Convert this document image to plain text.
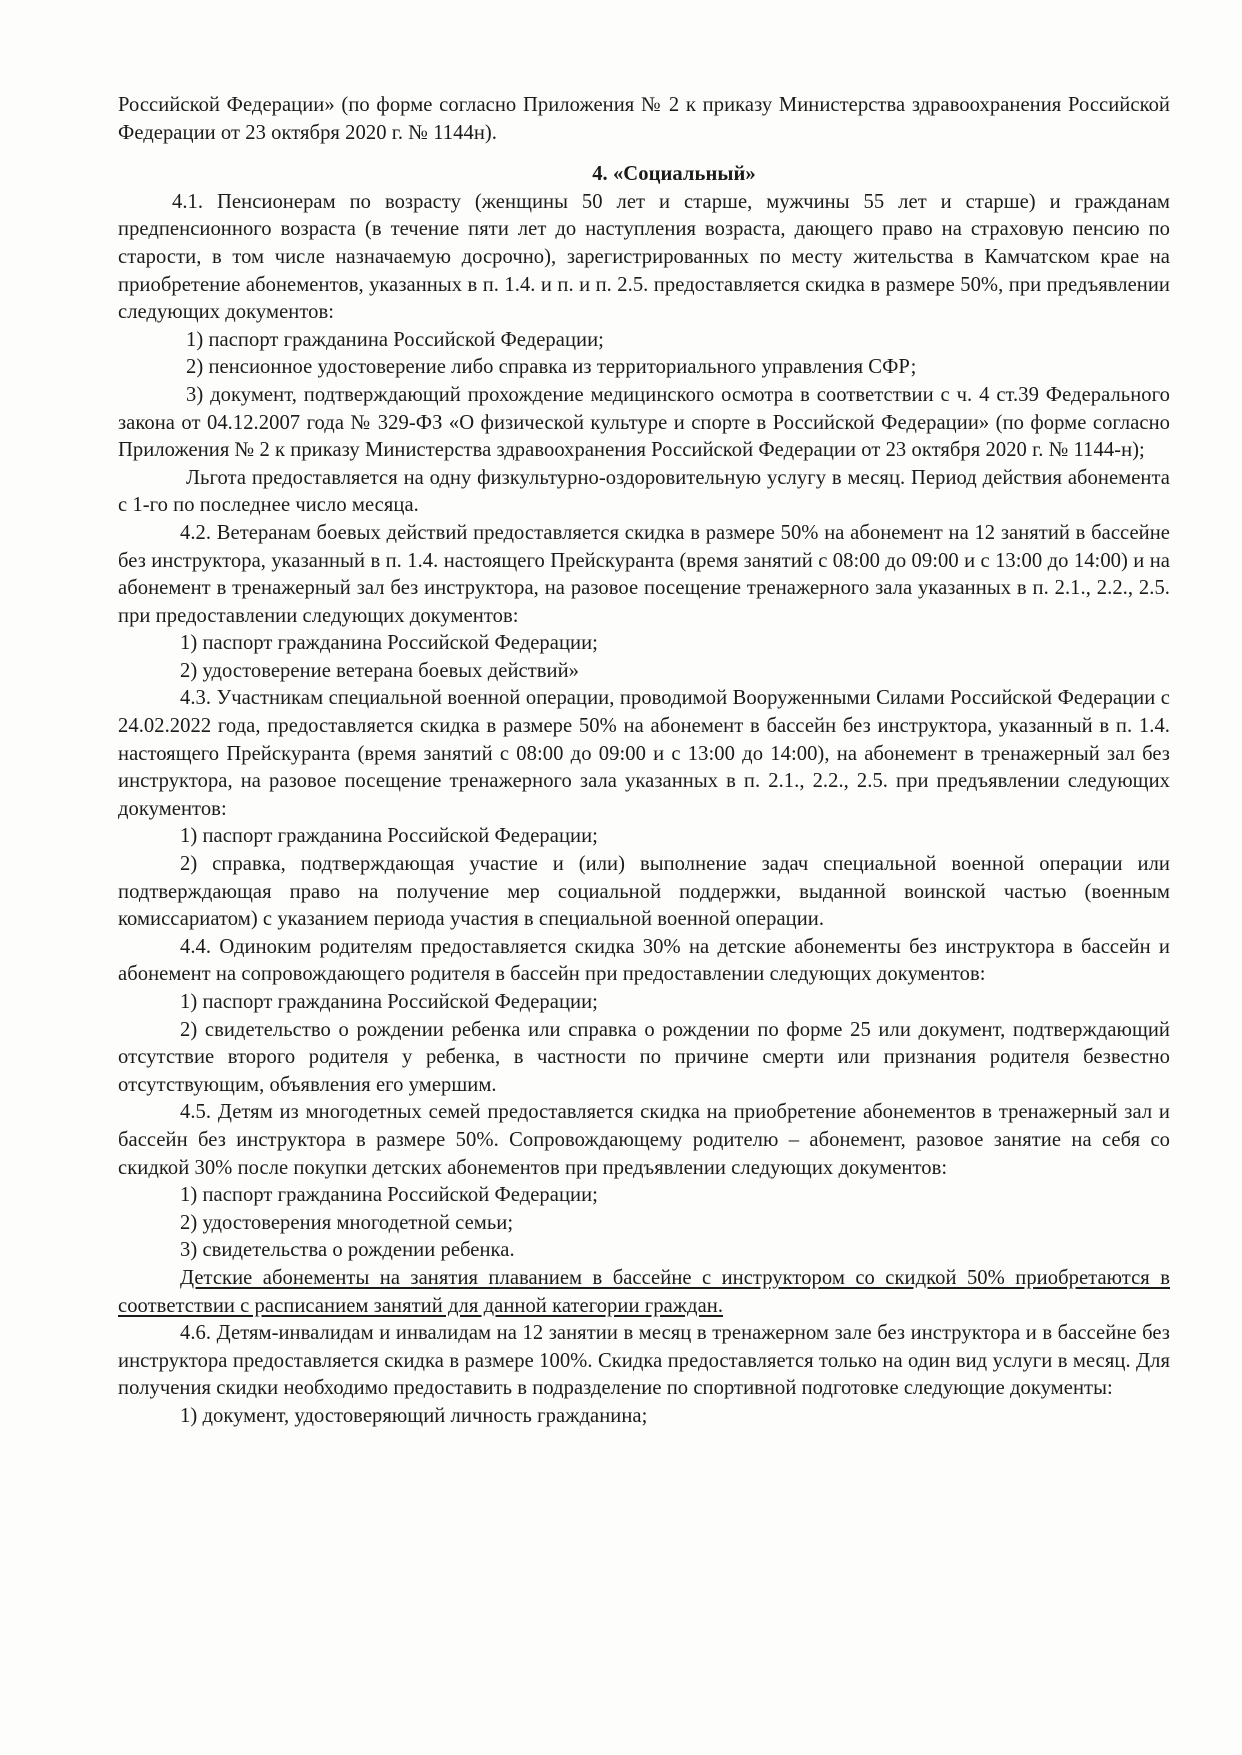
Российской Федерации» (по форме согласно Приложения № 2 к приказу Министерства здравоохранения Российской Федерации от 23 октября 2020 г. № 1144н).

4. «Социальный»

4.1. Пенсионерам по возрасту (женщины 50 лет и старше, мужчины 55 лет и старше) и гражданам предпенсионного возраста (в течение пяти лет до наступления возраста, дающего право на страховую пенсию по старости, в том числе назначаемую досрочно), зарегистрированных по месту жительства в Камчатском крае на приобретение абонементов, указанных в п. 1.4. и п. и п. 2.5. предоставляется скидка в размере 50%, при предъявлении следующих документов:

1) паспорт гражданина Российской Федерации;

2) пенсионное удостоверение либо справка из территориального управления СФР;

3) документ, подтверждающий прохождение медицинского осмотра в соответствии с ч. 4 ст.39 Федерального закона от 04.12.2007 года № 329-ФЗ «О физической культуре и спорте в Российской Федерации» (по форме согласно Приложения № 2 к приказу Министерства здравоохранения Российской Федерации от 23 октября 2020 г. № 1144-н);

Льгота предоставляется на одну физкультурно-оздоровительную услугу в месяц. Период действия абонемента с 1-го по последнее число месяца.

4.2. Ветеранам боевых действий предоставляется скидка в размере 50% на абонемент на 12 занятий в бассейне без инструктора, указанный в п. 1.4. настоящего Прейскуранта (время занятий с 08:00 до 09:00 и с 13:00 до 14:00) и на абонемент в тренажерный зал без инструктора, на разовое посещение тренажерного зала указанных в п. 2.1., 2.2., 2.5. при предоставлении следующих документов:

1) паспорт гражданина Российской Федерации;

2) удостоверение ветерана боевых действий»

4.3. Участникам специальной военной операции, проводимой Вооруженными Силами Российской Федерации с 24.02.2022 года, предоставляется скидка в размере 50% на абонемент в бассейн без инструктора, указанный в п. 1.4. настоящего Прейскуранта (время занятий с 08:00 до 09:00 и с 13:00 до 14:00), на абонемент в тренажерный зал без инструктора, на разовое посещение тренажерного зала указанных в п. 2.1., 2.2., 2.5. при предъявлении следующих документов:

1) паспорт гражданина Российской Федерации;

2) справка, подтверждающая участие и (или) выполнение задач специальной военной операции или подтверждающая право на получение мер социальной поддержки, выданной воинской частью (военным комиссариатом) с указанием периода участия в специальной военной операции.

4.4. Одиноким родителям предоставляется скидка 30% на детские абонементы без инструктора в бассейн и абонемент на сопровождающего родителя в бассейн при предоставлении следующих документов:

1) паспорт гражданина Российской Федерации;

2) свидетельство о рождении ребенка или справка о рождении по форме 25 или документ, подтверждающий отсутствие второго родителя у ребенка, в частности по причине смерти или признания родителя безвестно отсутствующим, объявления его умершим.

4.5. Детям из многодетных семей предоставляется скидка на приобретение абонементов в тренажерный зал и бассейн без инструктора в размере 50%. Сопровождающему родителю – абонемент, разовое занятие на себя со скидкой 30% после покупки детских абонементов при предъявлении следующих документов:

1) паспорт гражданина Российской Федерации;

2) удостоверения многодетной семьи;

3) свидетельства о рождении ребенка.

Детские абонементы на занятия плаванием в бассейне с инструктором со скидкой 50% приобретаются в соответствии с расписанием занятий для данной категории граждан.

4.6. Детям-инвалидам и инвалидам на 12 занятии в месяц в тренажерном зале без инструктора и в бассейне без инструктора предоставляется скидка в размере 100%. Скидка предоставляется только на один вид услуги в месяц. Для получения скидки необходимо предоставить в подразделение по спортивной подготовке следующие документы:

1) документ, удостоверяющий личность гражданина;
